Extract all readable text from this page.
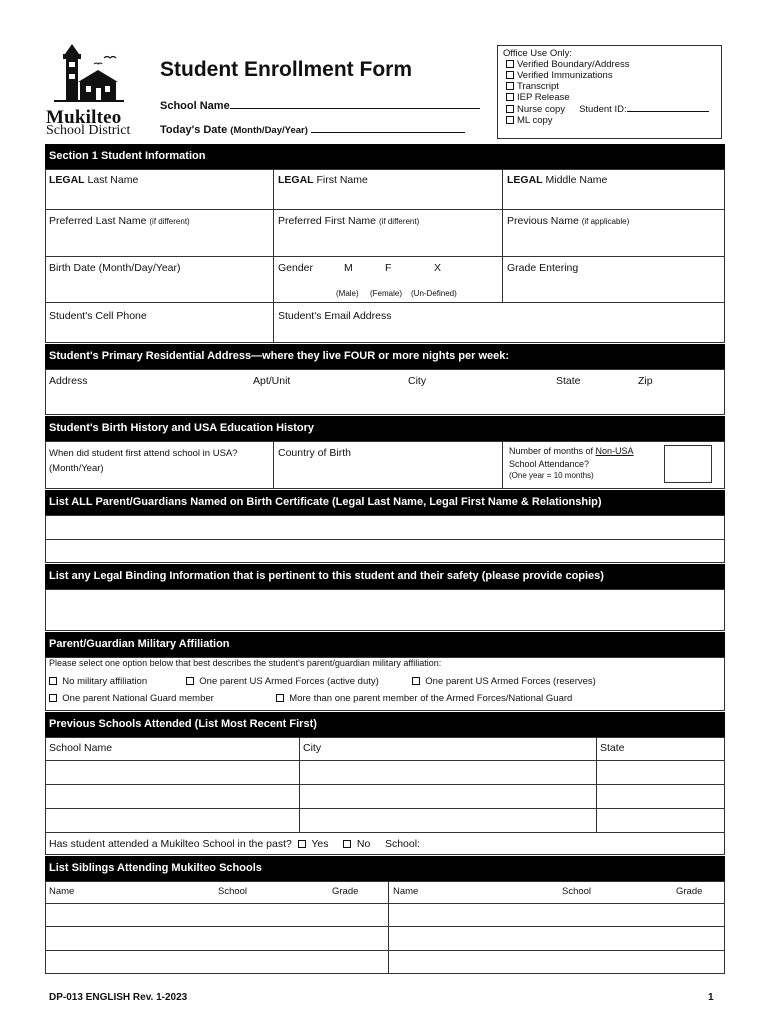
Mukilteo
School District
Student Enrollment Form
School Name
Today's Date (Month/Day/Year)
Office Use Only:
Verified Boundary/Address
Verified Immunizations
Transcript
IEP Release
Nurse copy Student ID:
ML copy
Section 1 Student Information
LEGAL Last Name	LEGAL First Name	LEGAL Middle Name
Preferred Last Name (if different)	Preferred First Name (if different)	Previous Name (if applicable)
Birth Date (Month/Day/Year)	Gender	M	F	X
(Male) (Female) (Un-Defined)
Grade Entering
Student's Cell Phone	Student's Email Address
Student's Primary Residential Address—where they live FOUR or more nights per week:
Address	Apt/Unit	City	State	Zip
Student's Birth History and USA Education History
When did student first attend school in USA?
(Month/Year)
Country of Birth	Number of months of Non-USA
School Attendance?
(One year = 10 months)
List ALL Parent/Guardians Named on Birth Certificate (Legal Last Name, Legal First Name & Relationship)
List any Legal Binding Information that is pertinent to this student and their safety (please provide copies)
Parent/Guardian Military Affiliation
Please select one option below that best describes the student's parent/guardian military affiliation:
No military affiliation	One parent US Armed Forces (active duty)	One parent US Armed Forces (reserves)
One parent National Guard member	More than one parent member of the Armed Forces/National Guard
Previous Schools Attended (List Most Recent First)
School Name	City	State
Has student attended a Mukilteo School in the past? Yes	No School:
List Siblings Attending Mukilteo Schools
Name	School	Grade	Name	School	Grade
DP-013 ENGLISH Rev. 1-2023	1
